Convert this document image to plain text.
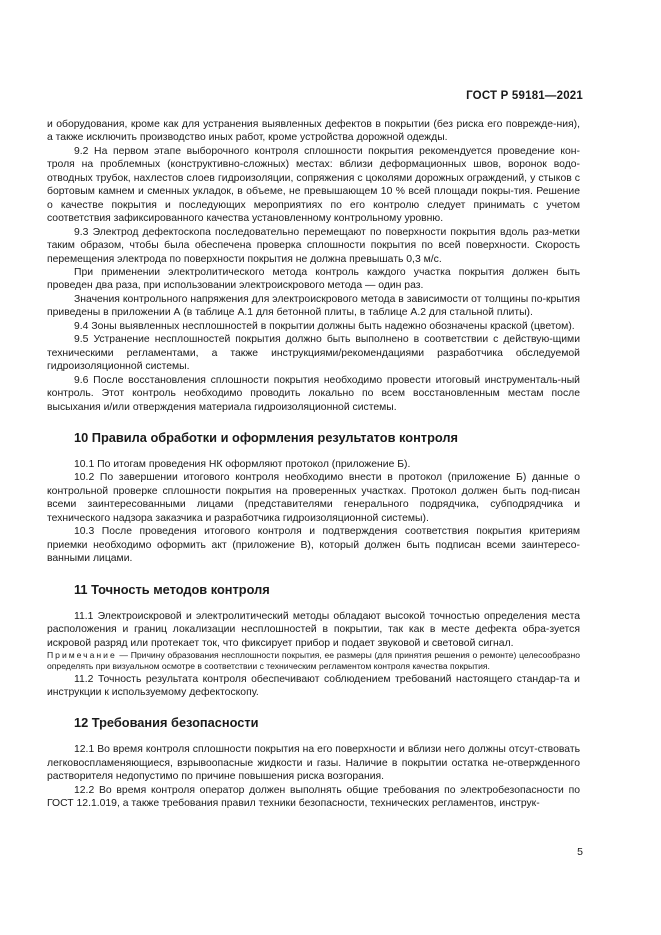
ГОСТ Р 59181—2021

и оборудования, кроме как для устранения выявленных дефектов в покрытии (без риска его поврежде-ния), а также исключить производство иных работ, кроме устройства дорожной одежды.

9.2 На первом этапе выборочного контроля сплошности покрытия рекомендуется проведение кон-троля на проблемных (конструктивно-сложных) местах: вблизи деформационных швов, воронок водо-отводных трубок, нахлестов слоев гидроизоляции, сопряжения с цоколями дорожных ограждений, у стыков с бортовым камнем и сменных укладок, в объеме, не превышающем 10 % всей площади покры-тия. Решение о качестве покрытия и последующих мероприятиях по его контролю следует принимать с учетом соответствия зафиксированного качества установленному контрольному уровню.

9.3 Электрод дефектоскопа последовательно перемещают по поверхности покрытия вдоль раз-метки таким образом, чтобы была обеспечена проверка сплошности покрытия по всей поверхности. Скорость перемещения электрода по поверхности покрытия не должна превышать 0,3 м/с.

При применении электролитического метода контроль каждого участка покрытия должен быть проведен два раза, при использовании электроискрового метода — один раз.

Значения контрольного напряжения для электроискрового метода в зависимости от толщины по-крытия приведены в приложении А (в таблице А.1 для бетонной плиты, в таблице А.2 для стальной плиты).

9.4 Зоны выявленных несплошностей в покрытии должны быть надежно обозначены краской (цветом).

9.5 Устранение несплошностей покрытия должно быть выполнено в соответствии с действую-щими техническими регламентами, а также инструкциями/рекомендациями разработчика обследуемой гидроизоляционной системы.

9.6 После восстановления сплошности покрытия необходимо провести итоговый инструменталь-ный контроль. Этот контроль необходимо проводить локально по всем восстановленным местам после высыхания и/или отверждения материала гидроизоляционной системы.

10 Правила обработки и оформления результатов контроля

10.1 По итогам проведения НК оформляют протокол (приложение Б).

10.2 По завершении итогового контроля необходимо внести в протокол (приложение Б) данные о контрольной проверке сплошности покрытия на проверенных участках. Протокол должен быть под-писан всеми заинтересованными лицами (представителями генерального подрядчика, субподрядчика и технического надзора заказчика и разработчика гидроизоляционной системы).

10.3 После проведения итогового контроля и подтверждения соответствия покрытия критериям приемки необходимо оформить акт (приложение В), который должен быть подписан всеми заинтересо-ванными лицами.

11 Точность методов контроля

11.1 Электроискровой и электролитический методы обладают высокой точностью определения места расположения и границ локализации несплошностей в покрытии, так как в месте дефекта обра-зуется искровой разряд или протекает ток, что фиксирует прибор и подает звуковой и световой сигнал.

Примечание — Причину образования несплошности покрытия, ее размеры (для принятия решения о ремонте) целесообразно определять при визуальном осмотре в соответствии с техническим регламентом контроля качества покрытия.

11.2 Точность результата контроля обеспечивают соблюдением требований настоящего стандар-та и инструкции к используемому дефектоскопу.

12 Требования безопасности

12.1 Во время контроля сплошности покрытия на его поверхности и вблизи него должны отсут-ствовать легковоспламеняющиеся, взрывоопасные жидкости и газы. Наличие в покрытии остатка не-отвержденного растворителя недопустимо по причине повышения риска возгорания.

12.2 Во время контроля оператор должен выполнять общие требования по электробезопасности по ГОСТ 12.1.019, а также требования правил техники безопасности, технических регламентов, инструк-

5
